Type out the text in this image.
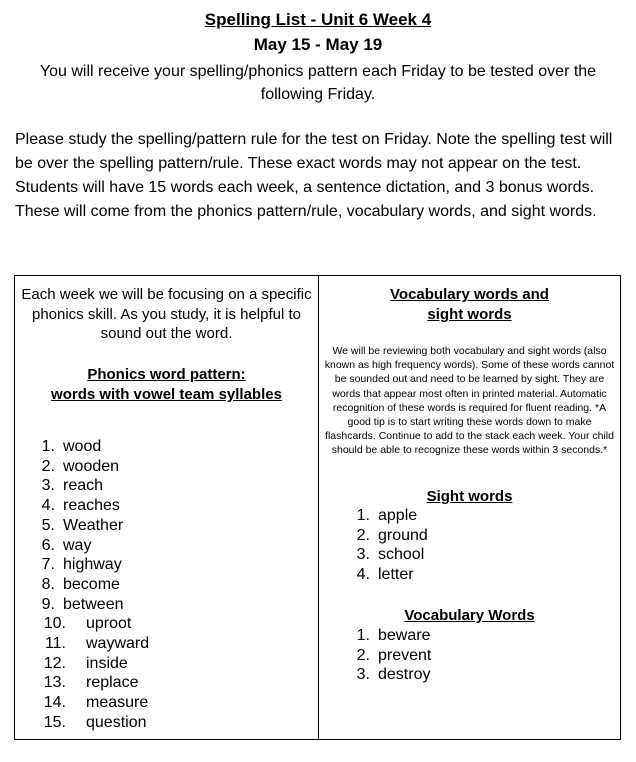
Spelling List - Unit 6 Week 4
May 15 - May 19
You will receive your spelling/phonics pattern each Friday to be tested over the following Friday.
Please study the spelling/pattern rule for the test on Friday. Note the spelling test will be over the spelling pattern/rule. These exact words may not appear on the test. Students will have 15 words each week, a sentence dictation, and 3 bonus words. These will come from the phonics pattern/rule, vocabulary words, and sight words.
Each week we will be focusing on a specific phonics skill. As you study, it is helpful to sound out the word.
Phonics word pattern:
words with vowel team syllables
1. wood
2. wooden
3. reach
4. reaches
5. Weather
6. way
7. highway
8. become
9. between
10. uproot
11. wayward
12. inside
13. replace
14. measure
15. question
Vocabulary words and
sight words
We will be reviewing both vocabulary and sight words (also known as high frequency words). Some of these words cannot be sounded out and need to be learned by sight. They are words that appear most often in printed material. Automatic recognition of these words is required for fluent reading. *A good tip is to start writing these words down to make flashcards. Continue to add to the stack each week. Your child should be able to recognize these words within 3 seconds.*
Sight words
1. apple
2. ground
3. school
4. letter
Vocabulary Words
1. beware
2. prevent
3. destroy
